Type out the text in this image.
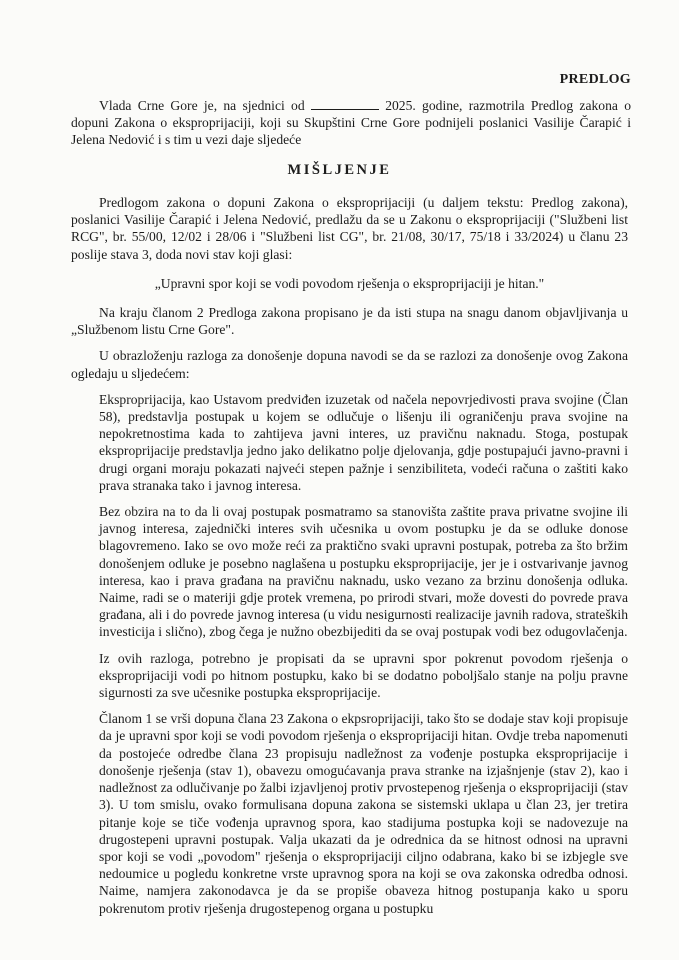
PREDLOG
Vlada Crne Gore je, na sjednici od	2025. godine, razmotrila Predlog zakona o dopuni Zakona o eksproprijaciji, koji su Skupštini Crne Gore podnijeli poslanici Vasilije Čarapić i Jelena Nedović i s tim u vezi daje sljedeće
MIŠLJENJE

Predlogom zakona o dopuni Zakona o eksproprijaciji (u daljem tekstu: Predlog zakona), poslanici Vasilije Čarapić i Jelena Nedović, predlažu da se u Zakonu o eksproprijaciji ("Službeni list RCG", br. 55/00, 12/02 i 28/06 i "Službeni list CG", br. 21/08, 30/17, 75/18 i 33/2024) u članu 23 poslije stava 3, doda novi stav koji glasi:

„Upravni spor koji se vodi povodom rješenja o eksproprijaciji je hitan."

Na kraju članom 2 Predloga zakona propisano je da isti stupa na snagu danom objavljivanja u „Službenom listu Crne Gore".

U obrazloženju razloga za donošenje dopuna navodi se da se razlozi za donošenje ovog Zakona ogledaju u sljedećem:

Eksproprijacija, kao Ustavom predviđen izuzetak od načela nepovrjedivosti prava svojine (Član 58), predstavlja postupak u kojem se odlučuje o lišenju ili ograničenju prava svojine na nepokretnostima kada to zahtijeva javni interes, uz pravičnu naknadu. Stoga, postupak eksproprijacije predstavlja jedno jako delikatno polje djelovanja, gdje postupajući javno-pravni i drugi organi moraju pokazati najveći stepen pažnje i senzibiliteta, vodeći računa o zaštiti kako prava stranaka tako i javnog interesa.

Bez obzira na to da li ovaj postupak posmatramo sa stanovišta zaštite prava privatne svojine ili javnog interesa, zajednički interes svih učesnika u ovom postupku je da se odluke donose blagovremeno. Iako se ovo može reći za praktično svaki upravni postupak, potreba za što bržim donošenjem odluke je posebno naglašena u postupku eksproprijacije, jer je i ostvarivanje javnog interesa, kao i prava građana na pravičnu naknadu, usko vezano za brzinu donošenja odluka. Naime, radi se o materiji gdje protek vremena, po prirodi stvari, može dovesti do povrede prava građana, ali i do povrede javnog interesa (u vidu nesigurnosti realizacije javnih radova, strateških investicija i slično), zbog čega je nužno obezbijediti da se ovaj postupak vodi bez odugovlačenja.

Iz ovih razloga, potrebno je propisati da se upravni spor pokrenut povodom rješenja o eksproprijaciji vodi po hitnom postupku, kako bi se dodatno poboljšalo stanje na polju pravne sigurnosti za sve učesnike postupka eksproprijacije.

Članom 1 se vrši dopuna člana 23 Zakona o ekpsroprijaciji, tako što se dodaje stav koji propisuje da je upravni spor koji se vodi povodom rješenja o eksproprijaciji hitan. Ovdje treba napomenuti da postojeće odredbe člana 23 propisuju nadležnost za vođenje postupka eksproprijacije i donošenje rješenja (stav 1), obavezu omogućavanja prava stranke na izjašnjenje (stav 2), kao i nadležnost za odlučivanje po žalbi izjavljenoj protiv prvostepenog rješenja o eksproprijaciji (stav 3). U tom smislu, ovako formulisana dopuna zakona se sistemski uklapa u član 23, jer tretira pitanje koje se tiče vođenja upravnog spora, kao stadijuma postupka koji se nadovezuje na drugostepeni upravni postupak. Valja ukazati da je odrednica da se hitnost odnosi na upravni spor koji se vodi „povodom" rješenja o eksproprijaciji ciljno odabrana, kako bi se izbjegle sve nedoumice u pogledu konkretne vrste upravnog spora na koji se ova zakonska odredba odnosi. Naime, namjera zakonodavca je da se propiše obaveza hitnog postupanja kako u sporu pokrenutom protiv rješenja drugostepenog organa u postupku
